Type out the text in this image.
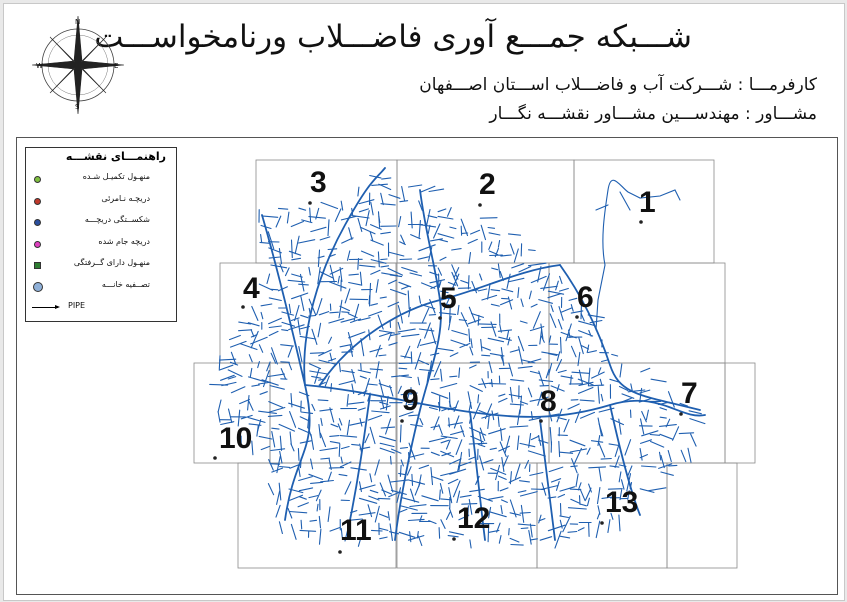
شـــبکه جمـــع آوری فاضـــلاب ورنامخواســـت
کارفرمـــا : شـــرکت آب و فاضـــلاب اســـتان اصـــفهان
مشـــاور : مهندســـین مشـــاور نقشـــه نگـــار
N
S
W	E
1
2
3
4	5	6
7
8
9
10
11	12	13
راهنمـــای نقشـــه
منهـول تکمیـل شـده
دریچـه نـامرئی
شکســتگی دریچـــه
دریچه جام شده
منهـول دارای گــرفتگی
تصــفیه خانـــه
PIPE
